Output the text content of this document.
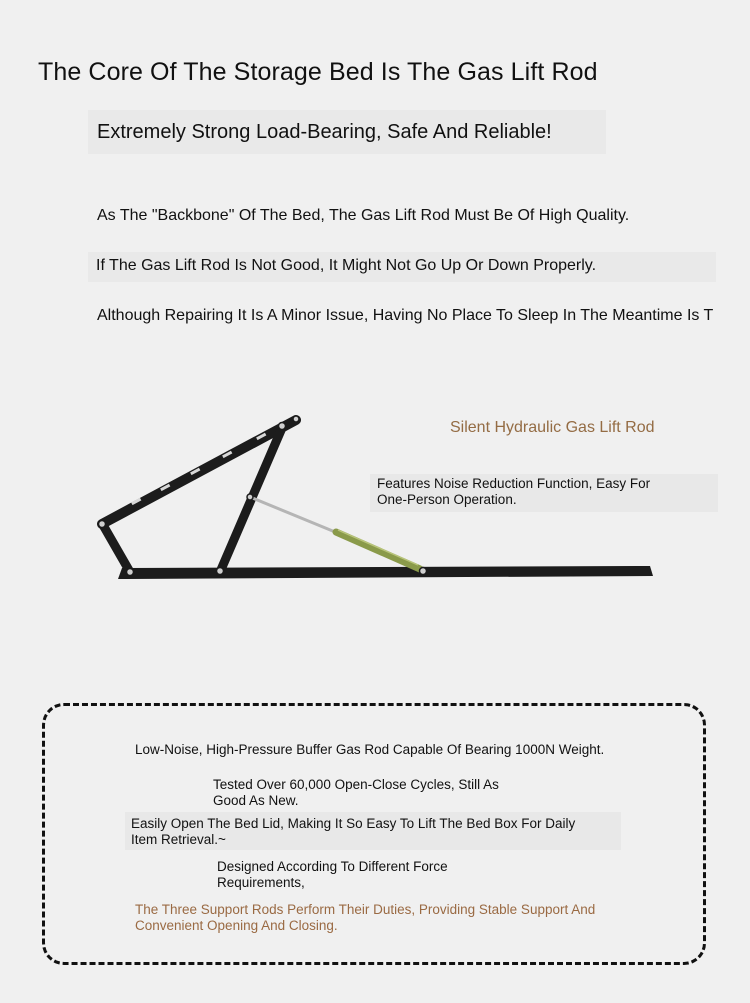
The Core Of The Storage Bed Is The Gas Lift Rod
Extremely Strong Load-Bearing, Safe And Reliable!
As The "Backbone" Of The Bed, The Gas Lift Rod Must Be Of High Quality.
If The Gas Lift Rod Is Not Good, It Might Not Go Up Or Down Properly.
Although Repairing It Is A Minor Issue, Having No Place To Sleep In The Meantime Is T
Silent Hydraulic Gas Lift Rod
Features Noise Reduction Function, Easy For One-Person Operation.
Low-Noise, High-Pressure Buffer Gas Rod Capable Of Bearing 1000N Weight.
Tested Over 60,000 Open-Close Cycles, Still As Good As New.
Easily Open The Bed Lid, Making It So Easy To Lift The Bed Box For Daily Item Retrieval.~
Designed According To Different Force Requirements,
The Three Support Rods Perform Their Duties, Providing Stable Support And Convenient Opening And Closing.
